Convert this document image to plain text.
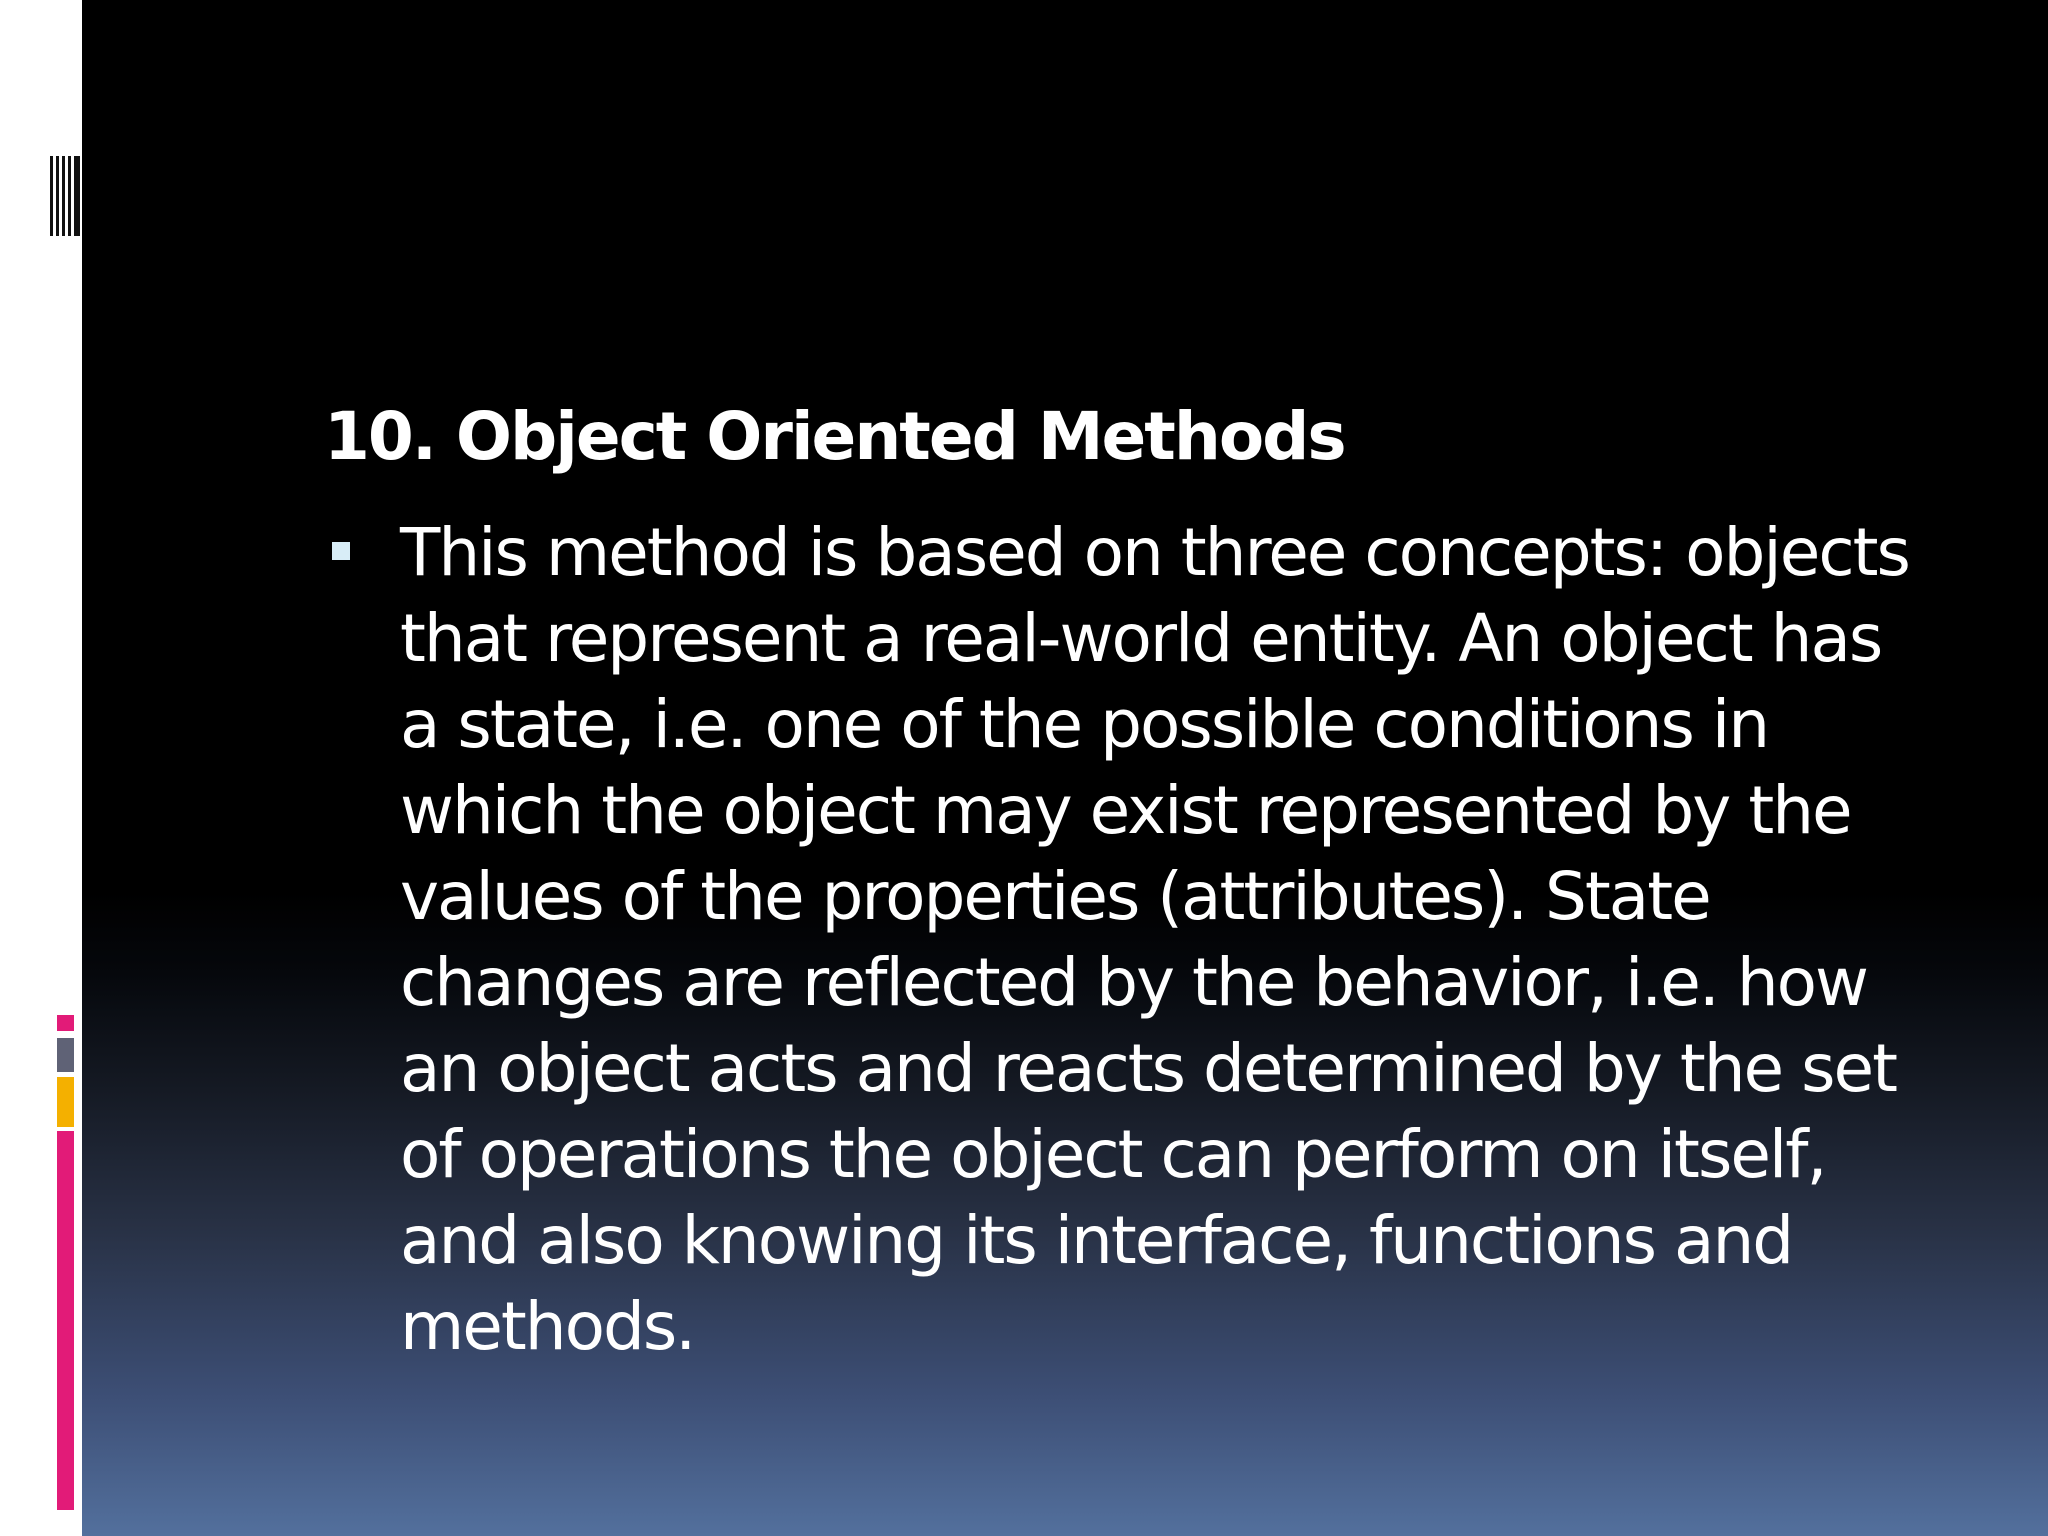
10. Object Oriented Methods

This method is based on three concepts: objects
that represent a real-world entity. An object has
a state, i.e. one of the possible conditions in
which the object may exist represented by the
values of the properties (attributes). State
changes are reflected by the behavior, i.e. how
an object acts and reacts determined by the set
of operations the object can perform on itself,
and also knowing its interface, functions and
methods.
